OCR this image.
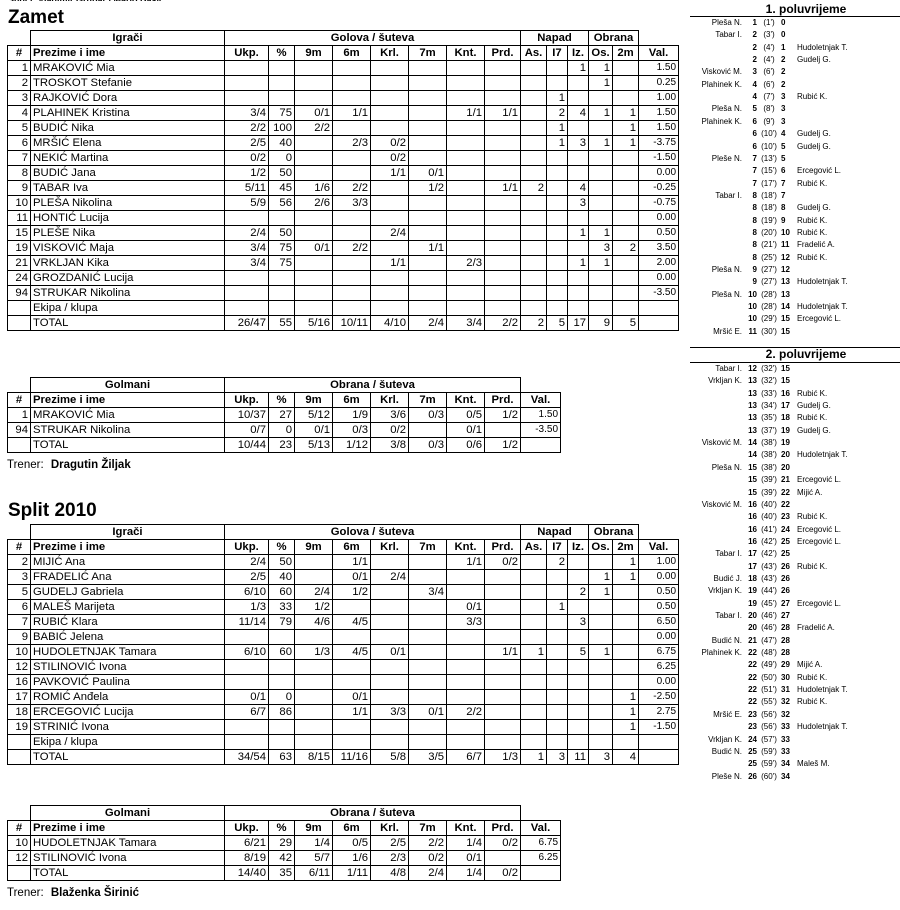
Zamet
	Igrači	Golova / šuteva								Napad			Obrana		
#	Prezime i ime	Ukp.	%	9m	6m	Krl.	7m	Knt.	Prd.	As.	I7	Iz.	Os.	2m	Val.
1	MRAKOVIĆ Mia											1	1		1.50
2	TROSKOT Stefanie												1		0.25
3	RAJKOVIĆ Dora										1				1.00
4	PLAHINEK Kristina	3/4	75	0/1	1/1			1/1	1/1		2	4	1	1	1.50
5	BUDIĆ Nika	2/2	100	2/2							1			1	1.50
6	MRŠIĆ Elena	2/5	40		2/3	0/2					1	3	1	1	-3.75
7	NEKIĆ Martina	0/2	0			0/2									-1.50
8	BUDIĆ Jana	1/2	50			1/1	0/1								0.00
9	TABAR Iva	5/11	45	1/6	2/2		1/2		1/1	2		4			-0.25
10	PLEŠA Nikolina	5/9	56	2/6	3/3							3			-0.75
11	HONTIĆ Lucija														0.00
15	PLEŠE Nika	2/4	50			2/4						1	1		0.50
19	VISKOVIĆ Maja	3/4	75	0/1	2/2		1/1						3	2	3.50
21	VRKLJAN Kika	3/4	75			1/1		2/3				1	1		2.00
24	GROZDANIĆ Lucija														0.00
94	STRUKAR Nikolina														-3.50
	Ekipa / klupa														
	TOTAL	26/47	55	5/16	10/11	4/10	2/4	3/4	2/2	2	5	17	9	5	
	Golmani	Obrana / šuteva								
#	Prezime i ime	Ukp.	%	9m	6m	Krl.	7m	Knt.	Prd.	Val.
1	MRAKOVIĆ Mia	10/37	27	5/12	1/9	3/6	0/3	0/5	1/2	1.50
94	STRUKAR Nikolina	0/7	0	0/1	0/3	0/2		0/1		-3.50
	TOTAL	10/44	23	5/13	1/12	3/8	0/3	0/6	1/2	
Trener: Dragutin Žiljak
Split 2010
	Igrači	Golova / šuteva								Napad			Obrana		
#	Prezime i ime	Ukp.	%	9m	6m	Krl.	7m	Knt.	Prd.	As.	I7	Iz.	Os.	2m	Val.
2	MIJIĆ Ana	2/4	50		1/1			1/1	0/2		2			1	1.00
3	FRADELIĆ Ana	2/5	40		0/1	2/4							1	1	0.00
5	GUDELJ Gabriela	6/10	60	2/4	1/2		3/4					2	1		0.50
6	MALEŠ Marijeta	1/3	33	1/2				0/1			1				0.50
7	RUBIĆ Klara	11/14	79	4/6	4/5			3/3				3			6.50
9	BABIĆ Jelena														0.00
10	HUDOLETNJAK Tamara	6/10	60	1/3	4/5	0/1			1/1	1		5	1		6.75
12	STILINOVIĆ Ivona														6.25
16	PAVKOVIĆ Paulina														0.00
17	ROMIĆ Anđela	0/1	0		0/1									1	-2.50
18	ERCEGOVIĆ Lucija	6/7	86		1/1	3/3	0/1	2/2						1	2.75
19	STRINIĆ Ivona													1	-1.50
	Ekipa / klupa														
	TOTAL	34/54	63	8/15	11/16	5/8	3/5	6/7	1/3	1	3	11	3	4	
	Golmani	Obrana / šuteva								
#	Prezime i ime	Ukp.	%	9m	6m	Krl.	7m	Knt.	Prd.	Val.
10	HUDOLETNJAK Tamara	6/21	29	1/4	0/5	2/5	2/2	1/4	0/2	6.75
12	STILINOVIĆ Ivona	8/19	42	5/7	1/6	2/3	0/2	0/1		6.25
	TOTAL	14/40	35	6/11	1/11	4/8	2/4	1/4	0/2	
Trener: Blaženka Širinić
1. poluvrijeme
Pleša N.	1 (1') 0
Tabar I.	2 (3') 0
2 (4') 1	Hudoletnjak T.
2 (4') 2	Gudelj G.
Visković M.	3 (6') 2
Plahinek K.	4 (6') 2
4 (7') 3	Rubić K.
Pleša N.	5 (8') 3
Plahinek K.	6 (9') 3
6 (10') 4	Gudelj G.
6 (10') 5	Gudelj G.
Pleše N.	7 (13') 5
7 (15') 6	Ercegović L.
7 (17') 7	Rubić K.
Tabar I.	8 (18') 7
8 (18') 8	Gudelj G.
8 (19') 9	Rubić K.
8 (20') 10 Rubić K.
8 (21') 11 Fradelić A.
8 (25') 12 Rubić K.
Pleša N.	9 (27') 12
9 (27') 13 Hudoletnjak T.
Pleša N. 10 (28') 13
10 (28') 14 Hudoletnjak T.
10 (29') 15 Ercegović L.
Mršić E. 11 (30') 15
2. poluvrijeme
Tabar I. 12 (32') 15
Vrkljan K. 13 (32') 15
13 (33') 16 Rubić K.
13 (34') 17 Gudelj G.
13 (35') 18 Rubić K.
13 (37') 19 Gudelj G.
Visković M. 14 (38') 19
14 (38') 20 Hudoletnjak T.
Pleša N. 15 (38') 20
15 (39') 21 Ercegović L.
15 (39') 22 Mijić A.
Visković M. 16 (40') 22
16 (40') 23 Rubić K.
16 (41') 24 Ercegović L.
16 (42') 25 Ercegović L.
Tabar I. 17 (42') 25
17 (43') 26 Rubić K.
Budić J. 18 (43') 26
Vrkljan K. 19 (44') 26
19 (45') 27 Ercegović L.
Tabar I. 20 (46') 27
20 (46') 28 Fradelić A.
Budić N. 21 (47') 28
Plahinek K. 22 (48') 28
22 (49') 29 Mijić A.
22 (50') 30 Rubić K.
22 (51') 31 Hudoletnjak T.
22 (55') 32 Rubić K.
Mršić E. 23 (56') 32
23 (56') 33 Hudoletnjak T.
Vrkljan K. 24 (57') 33
Budić N. 25 (59') 33
25 (59') 34 Maleš M.
Pleše N. 26 (60') 34
